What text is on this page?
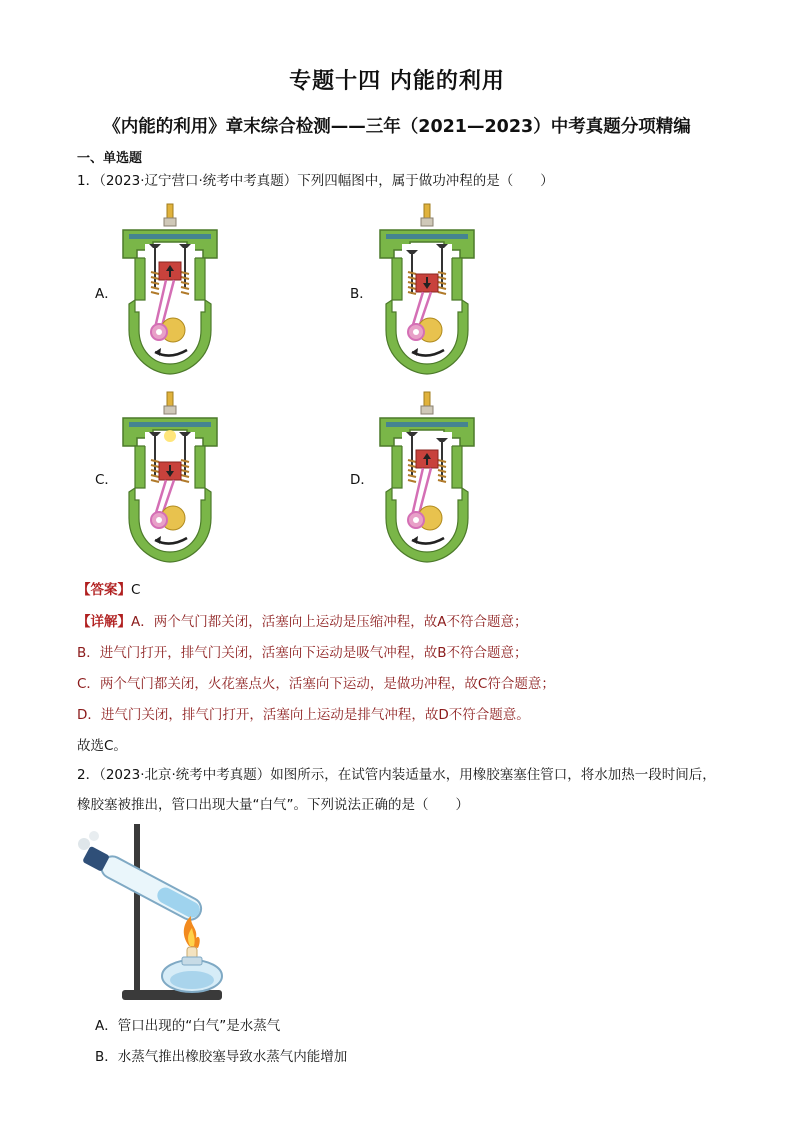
专题十四 内能的利用
《内能的利用》章末综合检测——三年（2021—2023）中考真题分项精编
一、单选题
1．（2023·辽宁营口·统考中考真题）下列四幅图中，属于做功冲程的是（　　）
A．	B．
C．	D．
【答案】C
【详解】A．两个气门都关闭，活塞向上运动是压缩冲程，故A不符合题意；
B．进气门打开，排气门关闭，活塞向下运动是吸气冲程，故B不符合题意；
C．两个气门都关闭，火花塞点火，活塞向下运动，是做功冲程，故C符合题意；
D．进气门关闭，排气门打开，活塞向上运动是排气冲程，故D不符合题意。
故选C。
2．（2023·北京·统考中考真题）如图所示，在试管内装适量水，用橡胶塞塞住管口，将水加热一段时间后，
橡胶塞被推出，管口出现大量“白气”。下列说法正确的是（　　）
A．管口出现的“白气”是水蒸气
B．水蒸气推出橡胶塞导致水蒸气内能增加
